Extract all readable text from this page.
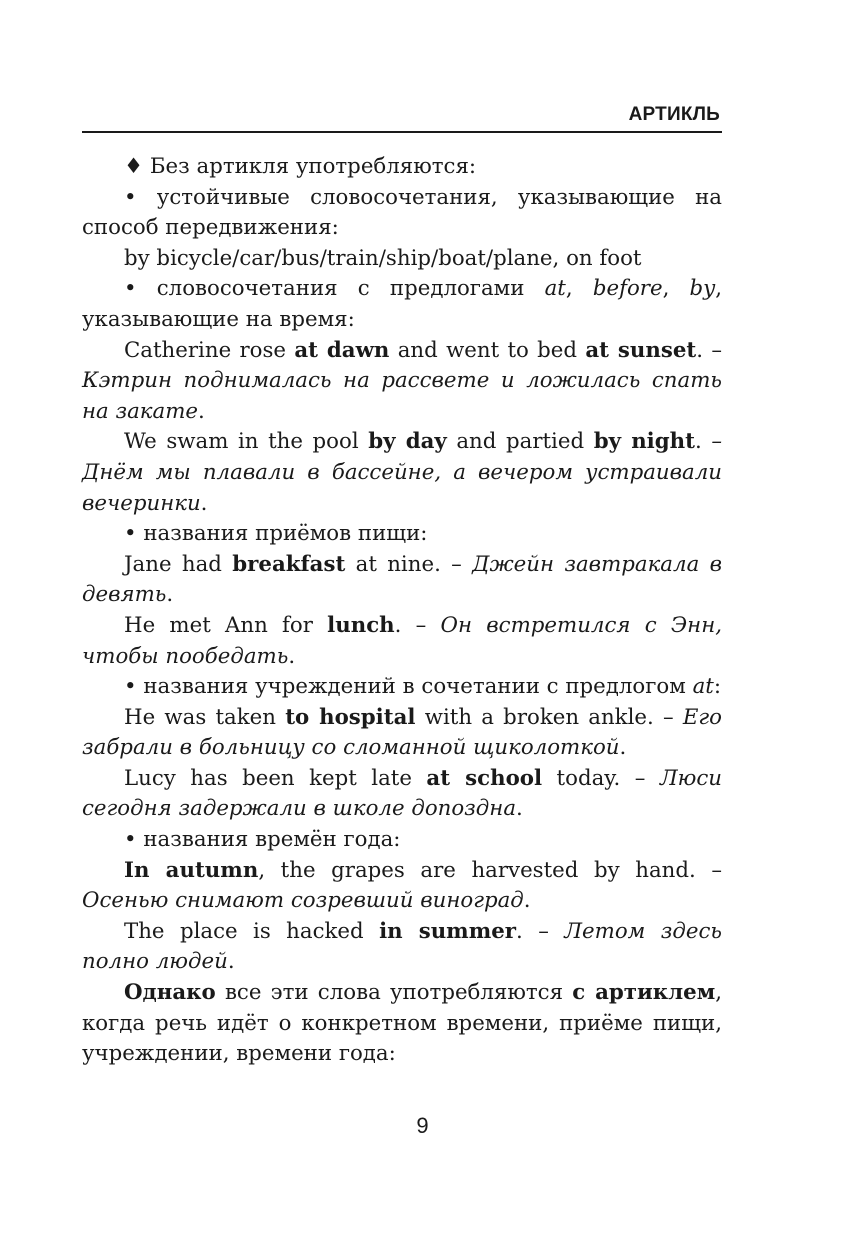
АРТИКЛЬ

♦ Без артикля употребляются:

• устойчивые словосочетания, указывающие на способ передвижения:

by bicycle/car/bus/train/ship/boat/plane, on foot

• словосочетания с предлогами at, before, by, указывающие на время:

Catherine rose at dawn and went to bed at sunset. – Кэтрин поднималась на рассвете и ложилась спать на закате.

We swam in the pool by day and partied by night. – Днём мы плавали в бассейне, а вечером устраивали вечеринки.

• названия приёмов пищи:

Jane had breakfast at nine. – Джейн завтракала в девять.

He met Ann for lunch. – Он встретился с Энн, чтобы пообедать.

• названия учреждений в сочетании с предлогом at:

He was taken to hospital with a broken ankle. – Его забрали в больницу со сломанной щиколоткой.

Lucy has been kept late at school today. – Люси сегодня задержали в школе допоздна.

• названия времён года:

In autumn, the grapes are harvested by hand. – Осенью снимают созревший виноград.

The place is hacked in summer. – Летом здесь полно людей.

Однако все эти слова употребляются с артиклем, когда речь идёт о конкретном времени, приёме пищи, учреждении, времени года:

9
